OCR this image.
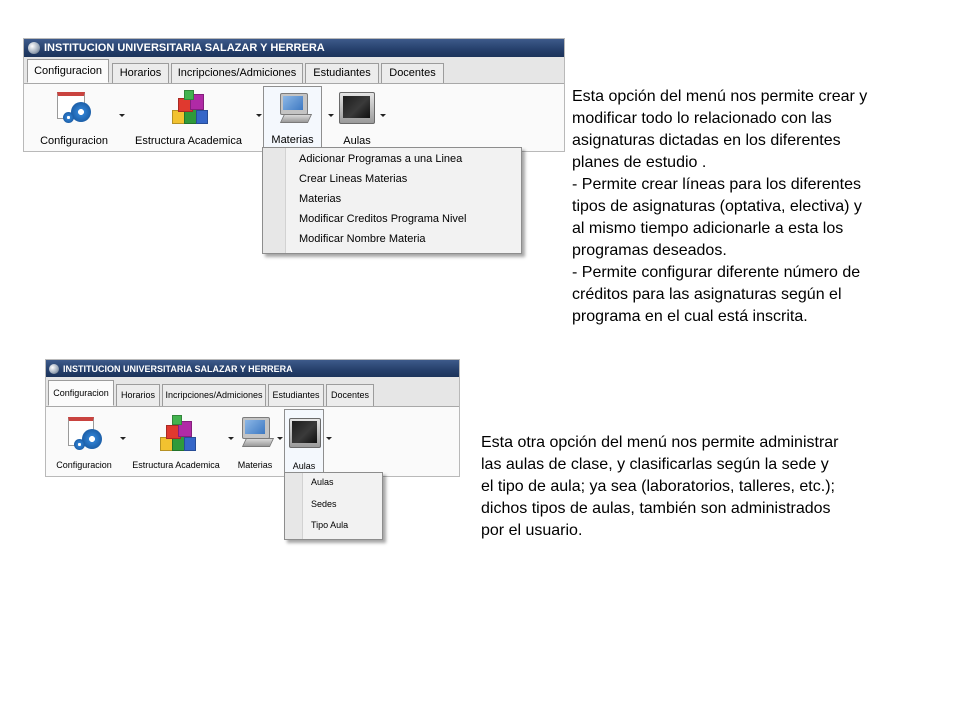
INSTITUCION UNIVERSITARIA SALAZAR Y HERRERA
Configuracion	Horarios	Incripciones/Admiciones	Estudiantes	Docentes
Configuracion	Estructura Academica	Materias	Aulas
Adicionar Programas a una Linea
Crear Lineas Materias
Materias
Modificar Creditos Programa Nivel
Modificar Nombre Materia
Esta opción del menú nos permite crear y
modificar todo lo relacionado con las
asignaturas dictadas en los diferentes
planes de estudio .
- Permite crear líneas para los diferentes
tipos de asignaturas (optativa, electiva) y
al mismo tiempo adicionarle a esta los
programas deseados.
- Permite configurar diferente número de
créditos para las asignaturas según el
programa en el cual está inscrita.
INSTITUCION UNIVERSITARIA SALAZAR Y HERRERA
Configuracion	Horarios	Incripciones/Admiciones	Estudiantes	Docentes
Configuracion	Estructura Academica	Materias	Aulas
Aulas
Sedes
Tipo Aula
Esta otra opción del menú nos permite administrar
las aulas de clase, y clasificarlas según la sede y
el tipo de aula; ya sea (laboratorios, talleres, etc.);
dichos tipos de aulas, también son administrados
por el usuario.
